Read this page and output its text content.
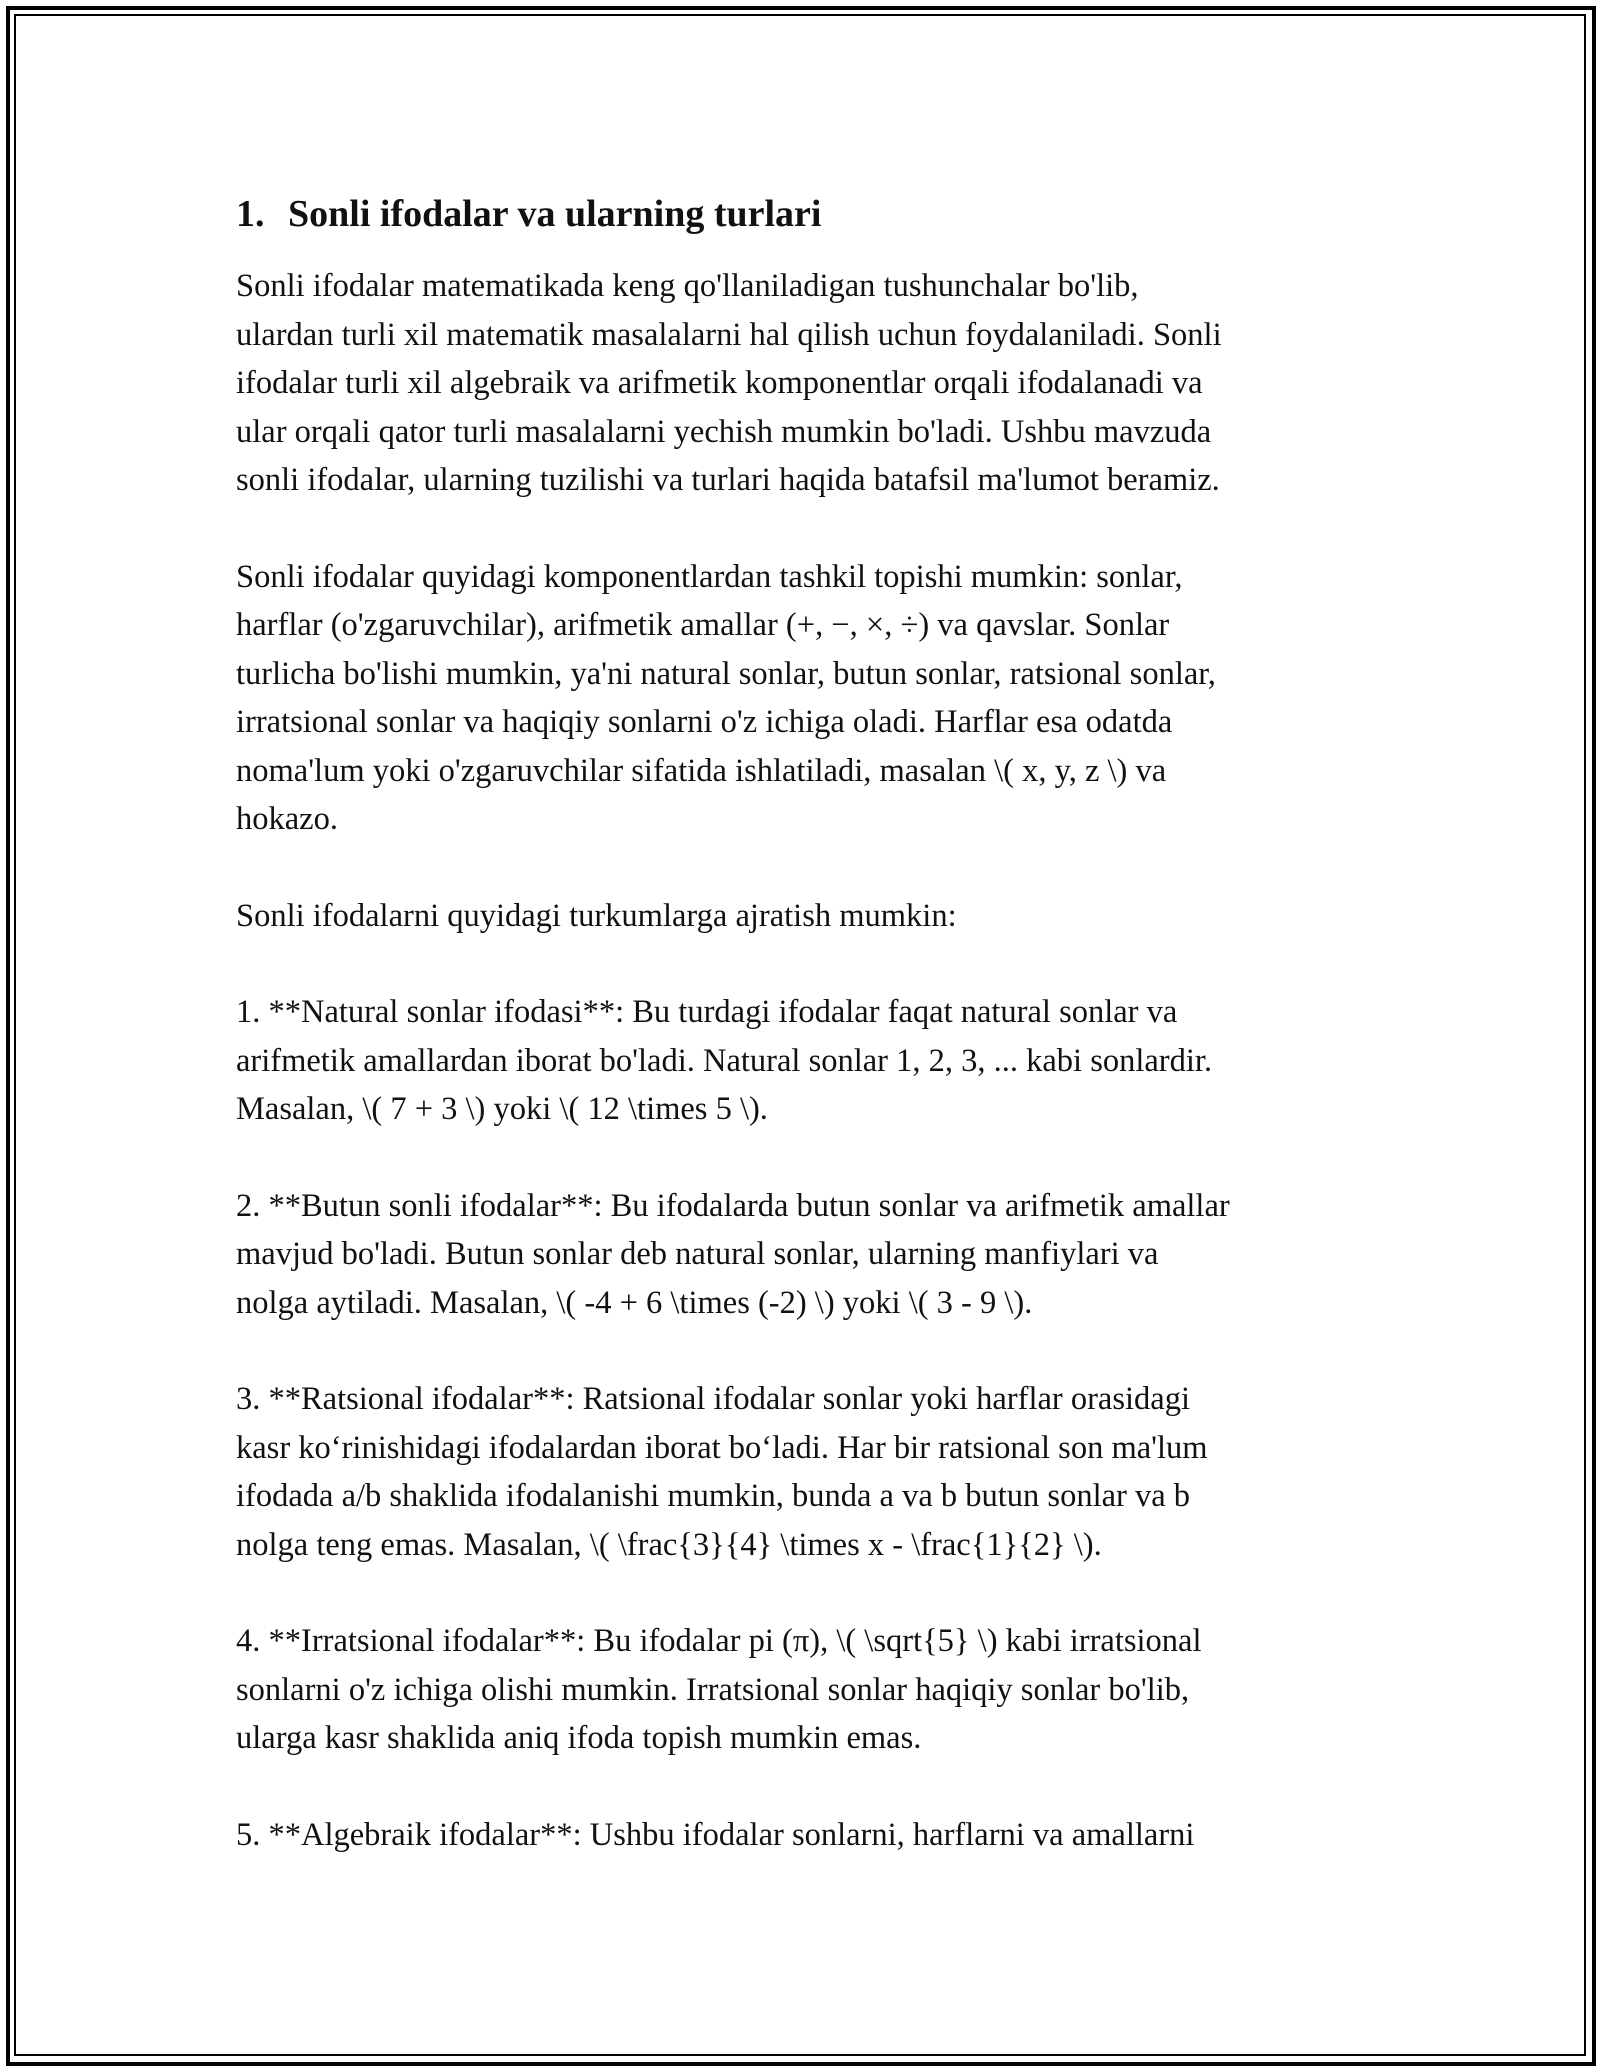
1. Sonli ifodalar va ularning turlari

Sonli ifodalar matematikada keng qo'llaniladigan tushunchalar bo'lib,
ulardan turli xil matematik masalalarni hal qilish uchun foydalaniladi. Sonli
ifodalar turli xil algebraik va arifmetik komponentlar orqali ifodalanadi va
ular orqali qator turli masalalarni yechish mumkin bo'ladi. Ushbu mavzuda
sonli ifodalar, ularning tuzilishi va turlari haqida batafsil ma'lumot beramiz.

Sonli ifodalar quyidagi komponentlardan tashkil topishi mumkin: sonlar,
harflar (o'zgaruvchilar), arifmetik amallar (+, −, ×, ÷) va qavslar. Sonlar
turlicha bo'lishi mumkin, ya'ni natural sonlar, butun sonlar, ratsional sonlar,
irratsional sonlar va haqiqiy sonlarni o'z ichiga oladi. Harflar esa odatda
noma'lum yoki o'zgaruvchilar sifatida ishlatiladi, masalan \( x, y, z \) va
hokazo.

Sonli ifodalarni quyidagi turkumlarga ajratish mumkin:

1. **Natural sonlar ifodasi**: Bu turdagi ifodalar faqat natural sonlar va
arifmetik amallardan iborat bo'ladi. Natural sonlar 1, 2, 3, ... kabi sonlardir.
Masalan, \( 7 + 3 \) yoki \( 12 \times 5 \).

2. **Butun sonli ifodalar**: Bu ifodalarda butun sonlar va arifmetik amallar
mavjud bo'ladi. Butun sonlar deb natural sonlar, ularning manfiylari va
nolga aytiladi. Masalan, \( -4 + 6 \times (-2) \) yoki \( 3 - 9 \).

3. **Ratsional ifodalar**: Ratsional ifodalar sonlar yoki harflar orasidagi
kasr koʻrinishidagi ifodalardan iborat boʻladi. Har bir ratsional son ma'lum
ifodada a/b shaklida ifodalanishi mumkin, bunda a va b butun sonlar va b
nolga teng emas. Masalan, \( \frac{3}{4} \times x - \frac{1}{2} \).

4. **Irratsional ifodalar**: Bu ifodalar pi (π), \( \sqrt{5} \) kabi irratsional
sonlarni o'z ichiga olishi mumkin. Irratsional sonlar haqiqiy sonlar bo'lib,
ularga kasr shaklida aniq ifoda topish mumkin emas.

5. **Algebraik ifodalar**: Ushbu ifodalar sonlarni, harflarni va amallarni
